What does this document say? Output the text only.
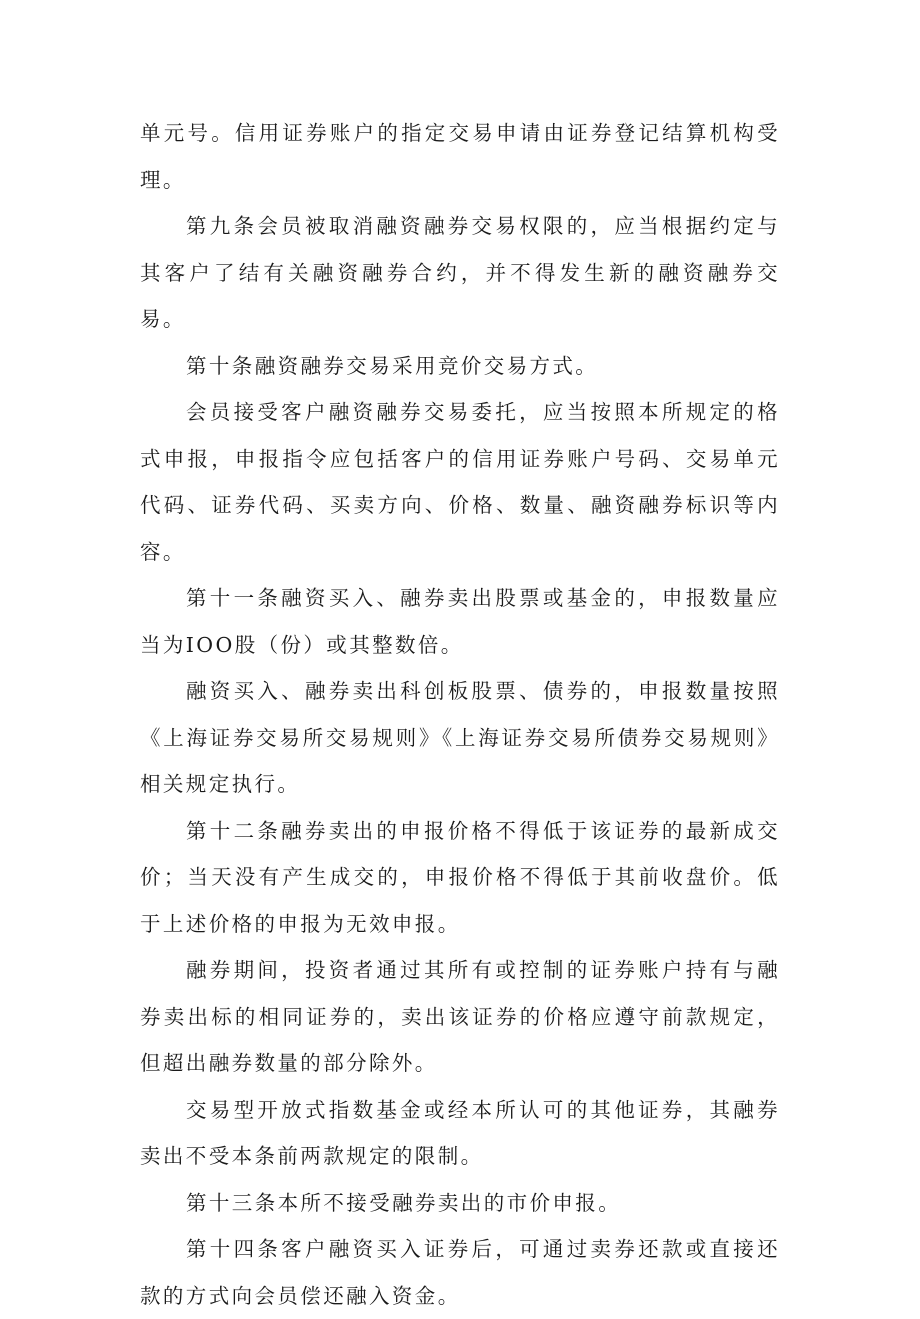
单元号。信用证券账户的指定交易申请由证券登记结算机构受理。

第九条会员被取消融资融券交易权限的，应当根据约定与其客户了结有关融资融券合约，并不得发生新的融资融券交易。

第十条融资融券交易采用竞价交易方式。

会员接受客户融资融券交易委托，应当按照本所规定的格式申报，申报指令应包括客户的信用证券账户号码、交易单元代码、证券代码、买卖方向、价格、数量、融资融券标识等内容。

第十一条融资买入、融券卖出股票或基金的，申报数量应当为IOO股（份）或其整数倍。

融资买入、融券卖出科创板股票、债券的，申报数量按照《上海证券交易所交易规则》《上海证券交易所债券交易规则》相关规定执行。

第十二条融券卖出的申报价格不得低于该证券的最新成交价；当天没有产生成交的，申报价格不得低于其前收盘价。低于上述价格的申报为无效申报。

融券期间，投资者通过其所有或控制的证券账户持有与融券卖出标的相同证券的，卖出该证券的价格应遵守前款规定，但超出融券数量的部分除外。

交易型开放式指数基金或经本所认可的其他证券，其融券卖出不受本条前两款规定的限制。

第十三条本所不接受融券卖出的市价申报。

第十四条客户融资买入证券后，可通过卖券还款或直接还款的方式向会员偿还融入资金。
